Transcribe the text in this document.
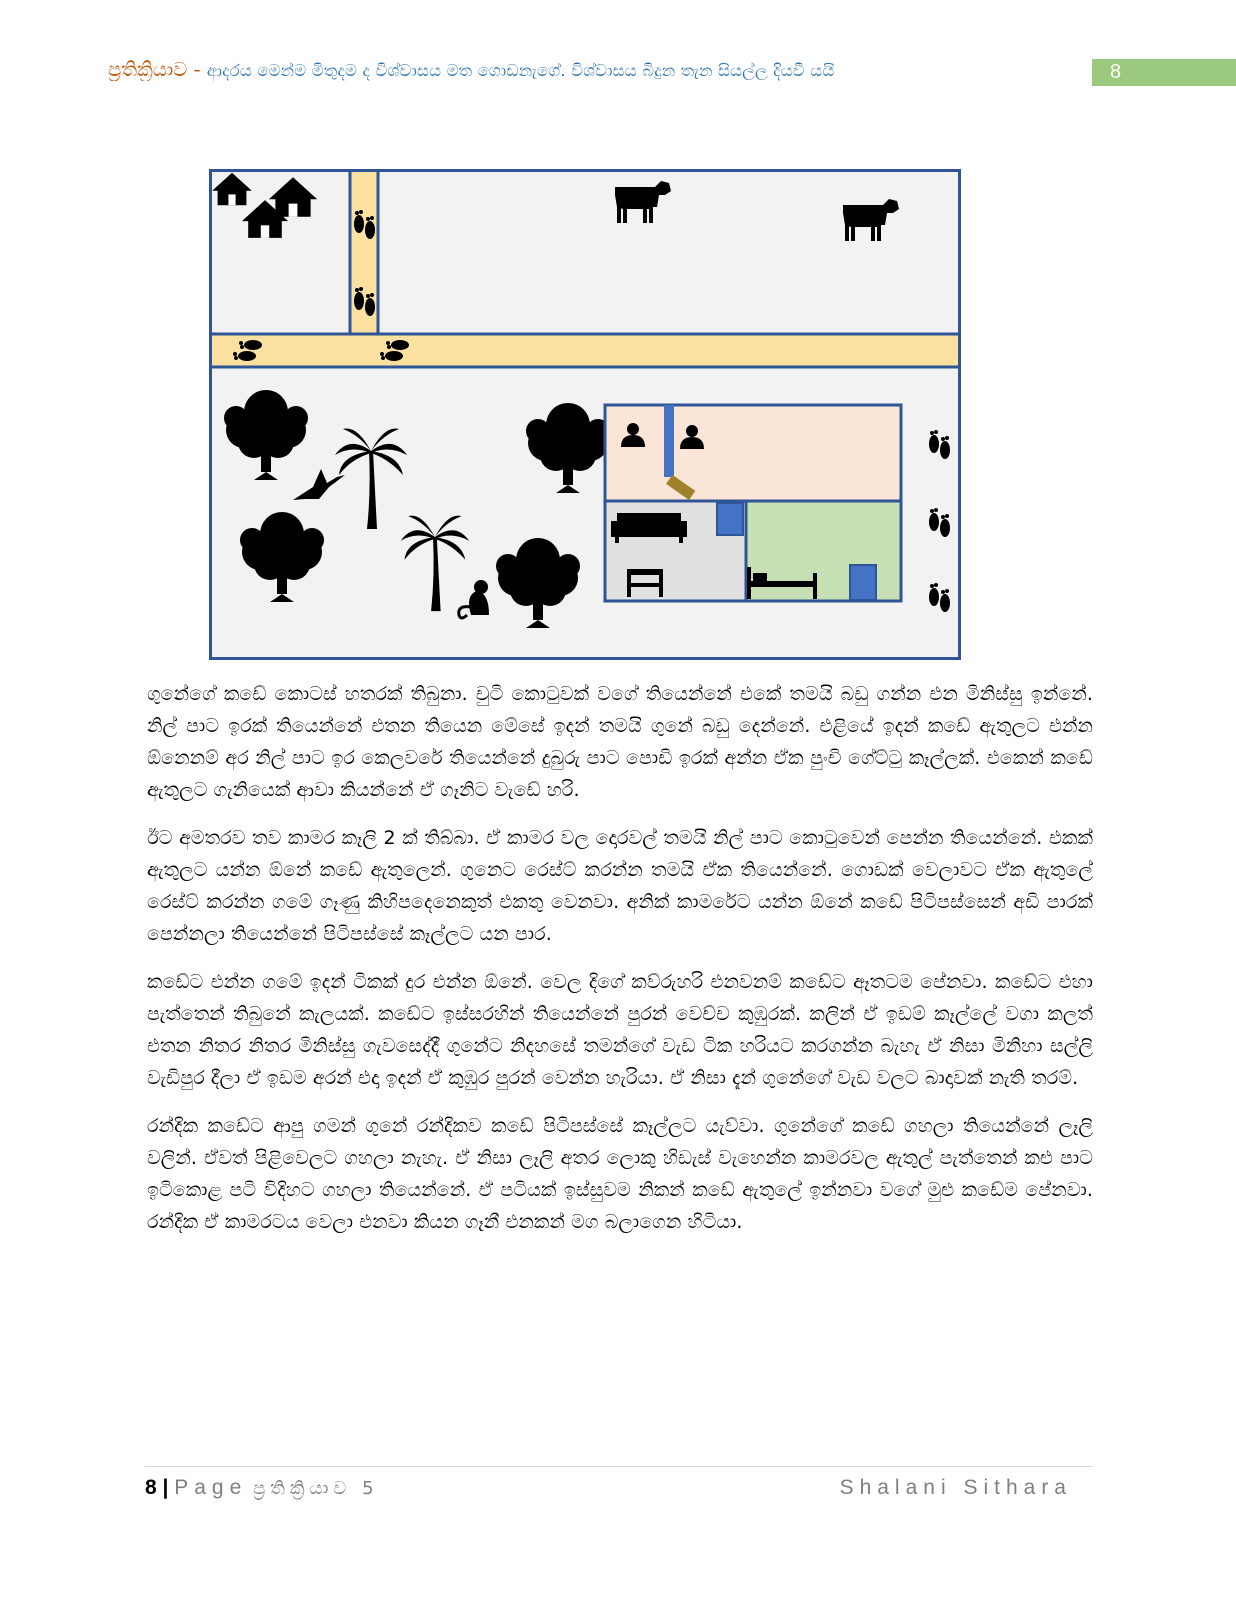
ප්‍රතික්‍රියාව - ආදරය මෙන්ම මිතුදම ද විශ්වාසය මත ගොඩනැගේ. විශ්වාසය බිදුන තැන සියල්ල දියවී යයි	8

ගුනේගේ කඩේ කොටස් හතරක් තිබුනා. චුටි කොටුවක් වගේ තියෙන්නේ එකේ තමයි බඩු ගන්න එන මිනිස්සු ඉන්නේ. නිල් පාට ඉරක් තියෙන්නේ එතන තියෙන මේසේ ඉදන් තමයි ගුනේ බඩු දෙන්නේ. එළියේ ඉදන් කඩේ ඇතුලට එන්න ඕනෙනම් අර නිල් පාට ඉර කෙලවරේ තියෙන්නේ දුබුරු පාට පොඩි ඉරක් අන්න ඒක පුංචි ගේට්ටු කෑල්ලක්. එකෙන් කඩේ ඇතුලට ගැනියෙක් ආවා කියන්නේ ඒ ගෑනිට වැඩේ හරි.

ඊට අමතරව තව කාමර කෑලි 2 ක් තිබ්බා. ඒ කාමර වල දොරවල් තමයි නිල් පාට කොටුවෙන් පෙන්න තියෙන්නේ. එකක් ඇතුලට යන්න ඕනේ කඩේ ඇතුලෙන්. ගුනෙට රෙස්ට් කරන්න තමයි ඒක තියෙන්නේ. ගොඩක් වෙලාවට ඒක ඇතුලේ රෙස්ට් කරන්න ගමේ ගෑණු කිහිපදෙනෙකුත් එකතු වෙනවා. අනික් කාමරේට යන්න ඕනේ කඩේ පිටිපස්සෙන් අඩි පාරක් පෙන්නලා තියෙන්නේ පිටිපස්සේ කෑල්ලට යන පාර.

කඩේට එන්න ගමේ ඉදන් ටිකක් දුර එන්න ඕනේ. වෙල දිගේ කව්රුහරි එනවනම් කඩේට ඈතටම පේනවා. කඩේට එහා පැත්තෙන් තිබුනේ කැලයක්. කඩේට ඉස්සරහින් තියෙන්නේ පුරන් වෙච්ච කුඹුරක්. කලින් ඒ ඉඩම් කෑල්ලේ වගා කලත් එතන නිතර නිතර මිනිස්සු ගැවසෙද්දී ගුනේට නිදහසේ තමන්ගේ වැඩ ටික හරියට කරගන්න බැහැ ඒ නිසා මිනිහා සල්ලි වැඩිපුර දීලා ඒ ඉඩම අරන් එදා ඉදන් ඒ කුඹුර පුරන් වෙන්න හැරියා. ඒ නිසා දැන් ගුනේගේ වැඩ වලට බාදාවක් නැති තරම්.

රන්දික කඩේට ආපු ගමන් ගුනේ රන්දිකව කඩේ පිටිපස්සේ කෑල්ලට යැව්වා. ගුනේගේ කඩේ ගහලා තියෙන්නේ ලෑලි වලින්. ඒවත් පිළිවෙලට ගහලා නැහැ. ඒ නිසා ලෑලි අතර ලොකු හිඩැස් වැහෙන්න කාමරවල ඇතුල් පැත්තෙන් කළු පාට ඉටිකොළ පටි විදිහට ගහලා තියෙන්නේ. ඒ පටියක් ඉස්සුවම නිකන් කඩේ ඇතුලේ ඉන්නවා වගේ මුළු කඩේම පේනවා. රන්දික ඒ කාමරටය වෙලා එනවා කියන ගෑනී එනකන් මග බලාගෙන හිටියා.

8 | Page ප්‍රතික්‍රියාව 5	Shalani Sithara
